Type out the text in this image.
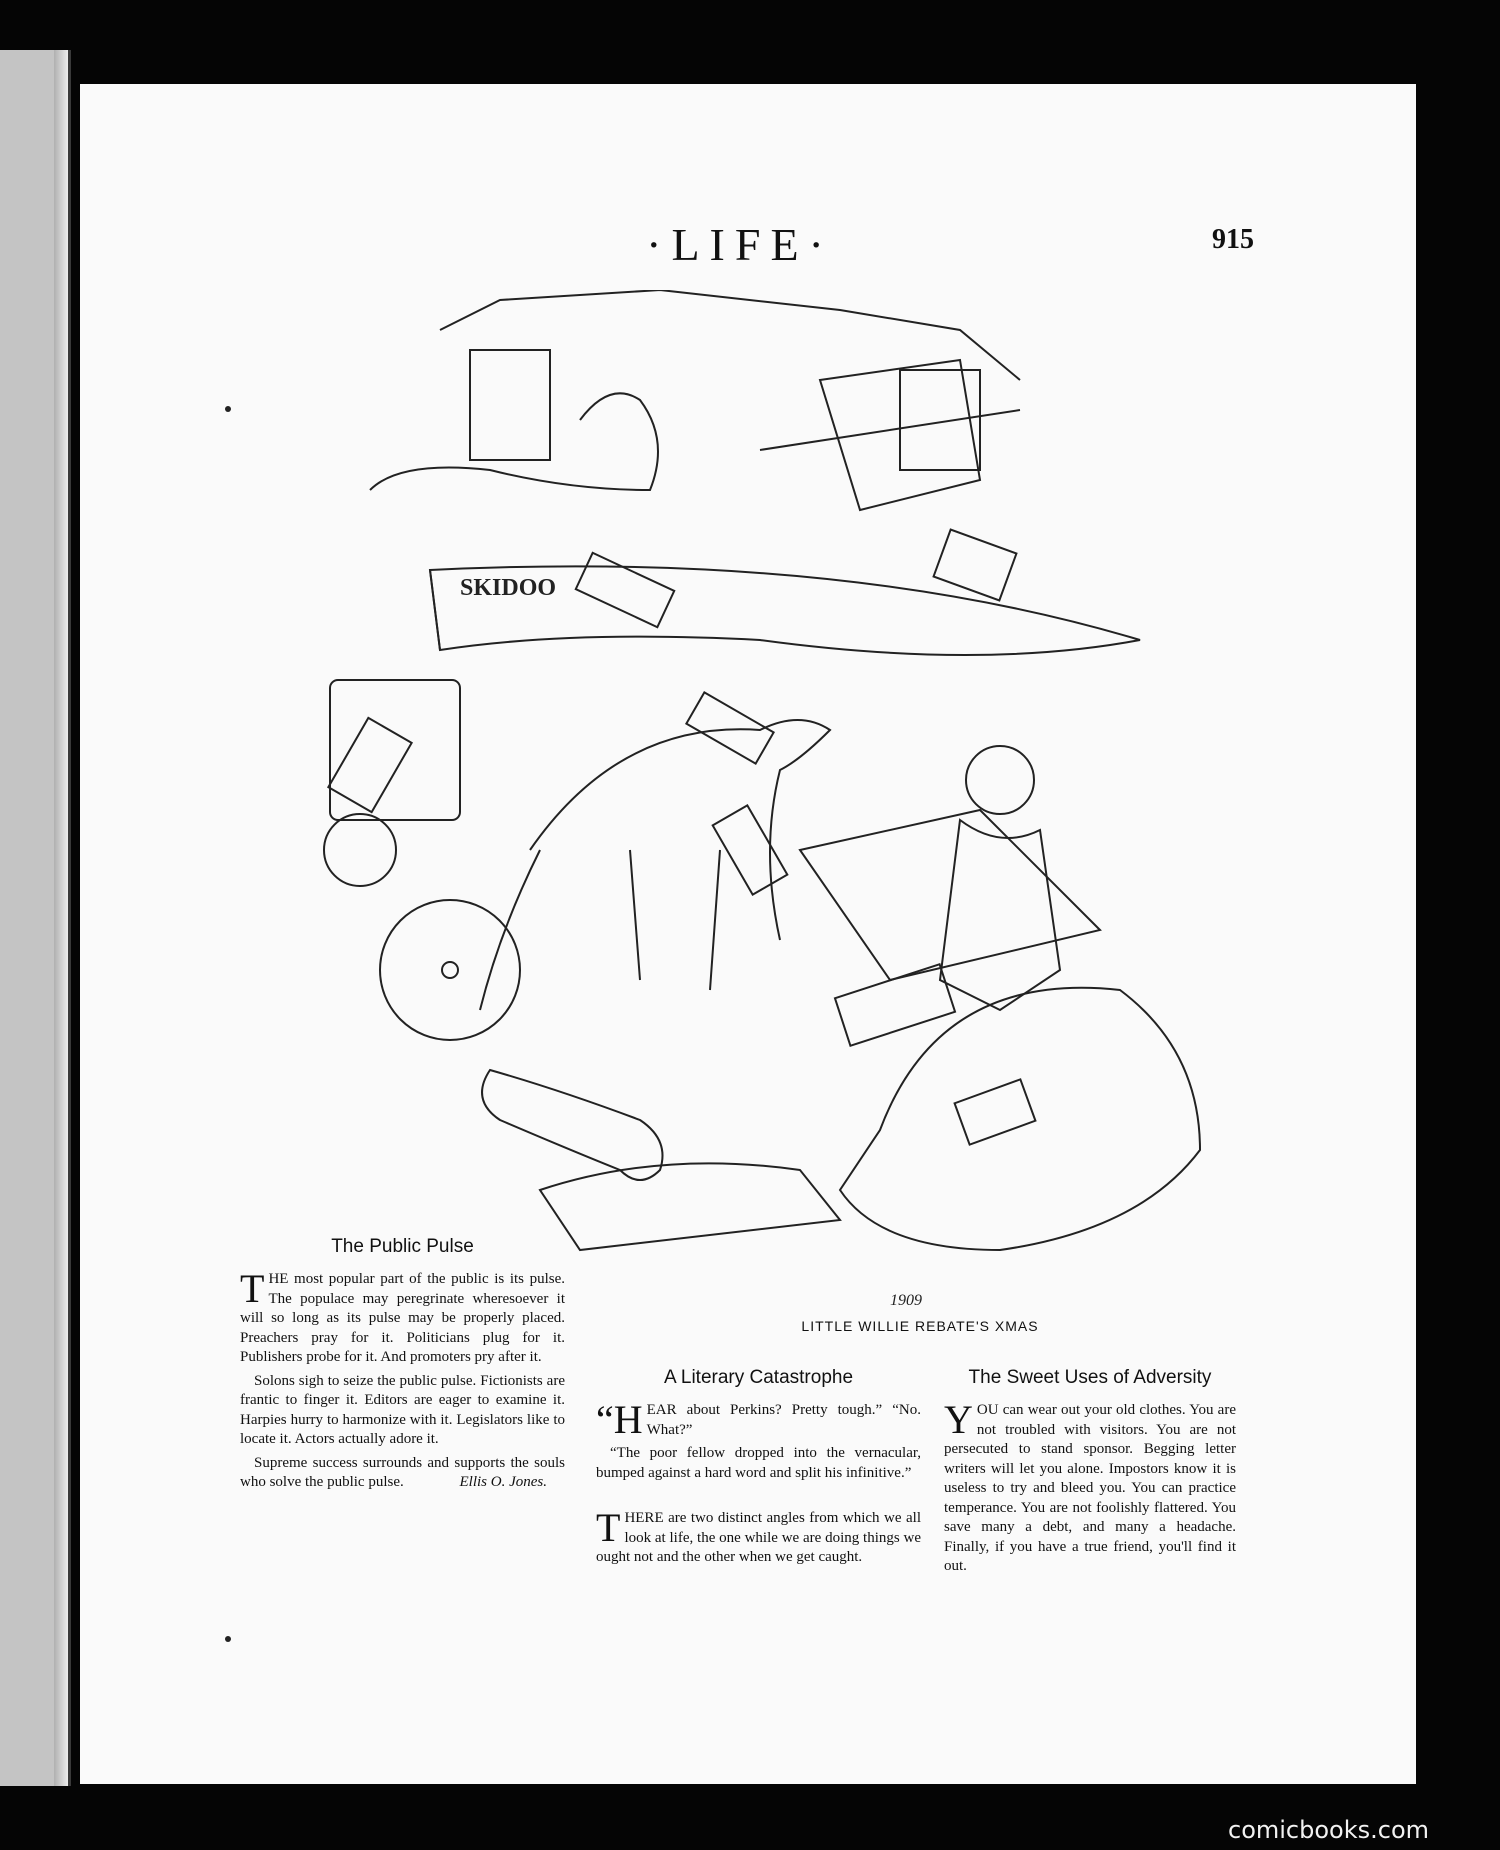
·LIFE·	915
SKIDOO
1909
LITTLE WILLIE REBATE'S XMAS
The Public Pulse

THE most popular part of the public is its pulse. The populace may peregrinate wheresoever it will so long as its pulse may be properly placed. Preachers pray for it. Politicians plug for it. Publishers probe for it. And promoters pry after it.

Solons sigh to seize the public pulse. Fictionists are frantic to finger it. Editors are eager to examine it. Harpies hurry to harmonize with it. Legislators like to locate it. Actors actually adore it.

Supreme success surrounds and supports the souls who solve the public pulse.	Ellis O. Jones.

A Literary Catastrophe

“HEAR about Perkins? Pretty tough.” “No. What?”

“The poor fellow dropped into the vernacular, bumped against a hard word and split his infinitive.”

THERE are two distinct angles from which we all look at life, the one while we are doing things we ought not and the other when we get caught.

The Sweet Uses of Adversity

YOU can wear out your old clothes. You are not troubled with visitors. You are not persecuted to stand sponsor. Begging letter writers will let you alone. Impostors know it is useless to try and bleed you. You can practice temperance. You are not foolishly flattered. You save many a debt, and many a headache. Finally, if you have a true friend, you'll find it out.

comicbooks.com
